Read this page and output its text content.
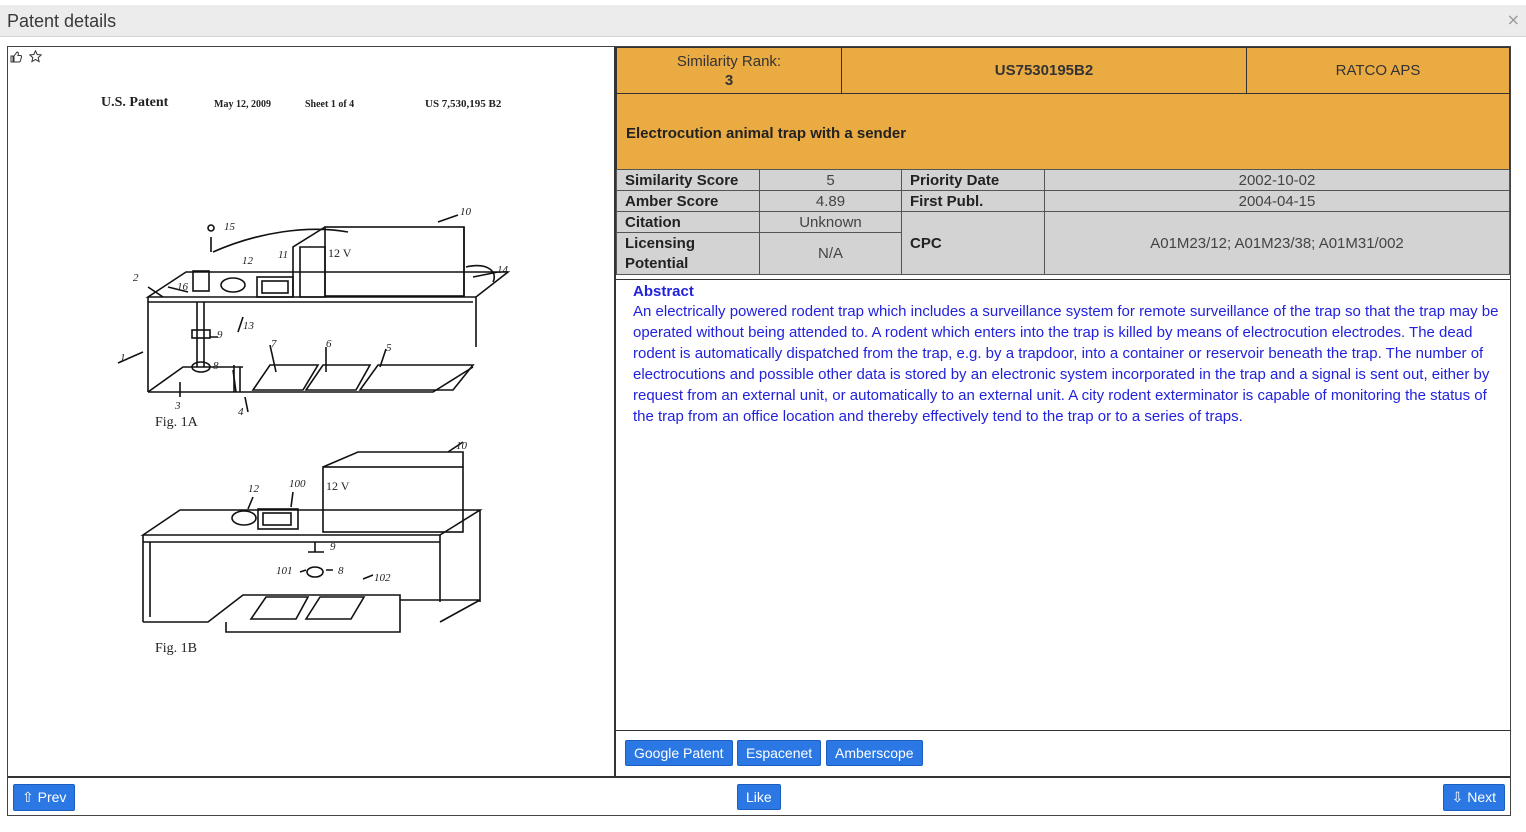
Patent details	×

U.S. Patent	May 12, 2009	Sheet 1 of 4	US 7,530,195 B2
12 V
15
10
14
2
16
12 11
9
13
1
8
7	6	5
3	4
Fig. 1A
12 V
10
12	100
9
8
101
102
Fig. 1B
Similarity Rank:
3	US7530195B2	RATCO APS
Electrocution animal trap with a sender
Similarity Score	5	Priority Date	2002-10-02
Amber Score	4.89	First Publ.	2004-04-15
Citation	Unknown	CPC	A01M23/12; A01M23/38; A01M31/002
Licensing Potential	N/A		
Abstract
An electrically powered rodent trap which includes a surveillance system for remote surveillance of the trap so that the trap may be operated without being attended to. A rodent which enters into the trap is killed by means of electrocution electrodes. The dead rodent is automatically dispatched from the trap, e.g. by a trapdoor, into a container or reservoir beneath the trap. The number of electrocutions and possible other data is stored by an electronic system incorporated in the trap and a signal is sent out, either by request from an external unit, or automatically to an external unit. A city rodent exterminator is capable of monitoring the status of the trap from an office location and thereby effectively tend to the trap or to a series of traps.
Google Patent	Espacenet	Amberscope
⇧ Prev	Like	⇩ Next
